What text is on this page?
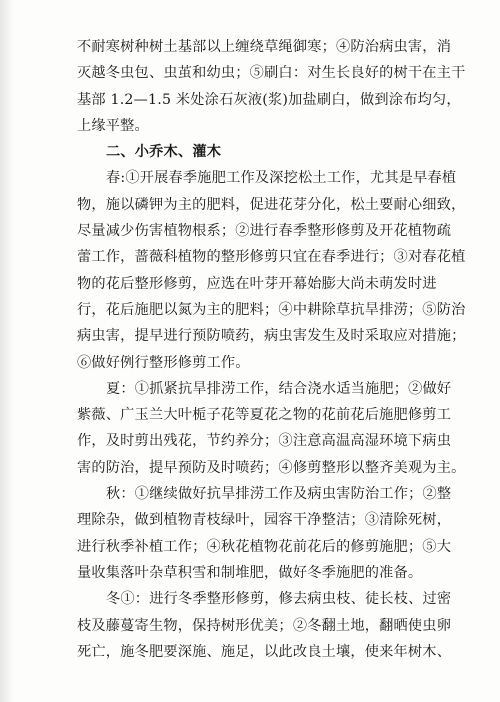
不耐寒树种树土基部以上缠绕草绳御寒；④防治病虫害，消
灭越冬虫包、虫茧和幼虫；⑤刷白：对生长良好的树干在主干
基部 1.2—1.5 米处涂石灰液(浆)加盐刷白，做到涂布均匀，
上缘平整。
二、小乔木、灌木
春:①开展春季施肥工作及深挖松土工作，尤其是早春植
物，施以磷钾为主的肥料，促进花芽分化，松土要耐心细致，
尽量减少伤害植物根系；②进行春季整形修剪及开花植物疏
蕾工作，蔷薇科植物的整形修剪只宜在春季进行；③对春花植
物的花后整形修剪，应选在叶芽开幕始膨大尚未萌发时进
行，花后施肥以氮为主的肥料；④中耕除草抗旱排涝；⑤防治
病虫害，提早进行预防喷药，病虫害发生及时采取应对措施；
⑥做好例行整形修剪工作。
夏：①抓紧抗旱排涝工作，结合浇水适当施肥；②做好
紫薇、广玉兰大叶栀子花等夏花之物的花前花后施肥修剪工
作，及时剪出残花，节约养分；③注意高温高湿环境下病虫
害的防治，提早预防及时喷药；④修剪整形以整齐美观为主。
秋：①继续做好抗旱排涝工作及病虫害防治工作；②整
理除杂，做到植物青枝绿叶，园容干净整洁；③清除死树，
进行秋季补植工作；④秋花植物花前花后的修剪施肥；⑤大
量收集落叶杂草积雪和制堆肥，做好冬季施肥的准备。
冬①：进行冬季整形修剪，修去病虫枝、徒长枝、过密
枝及藤蔓寄生物，保持树形优美；②冬翻土地，翻晒使虫卵
死亡，施冬肥要深施、施足，以此改良土壤，使来年树木、
